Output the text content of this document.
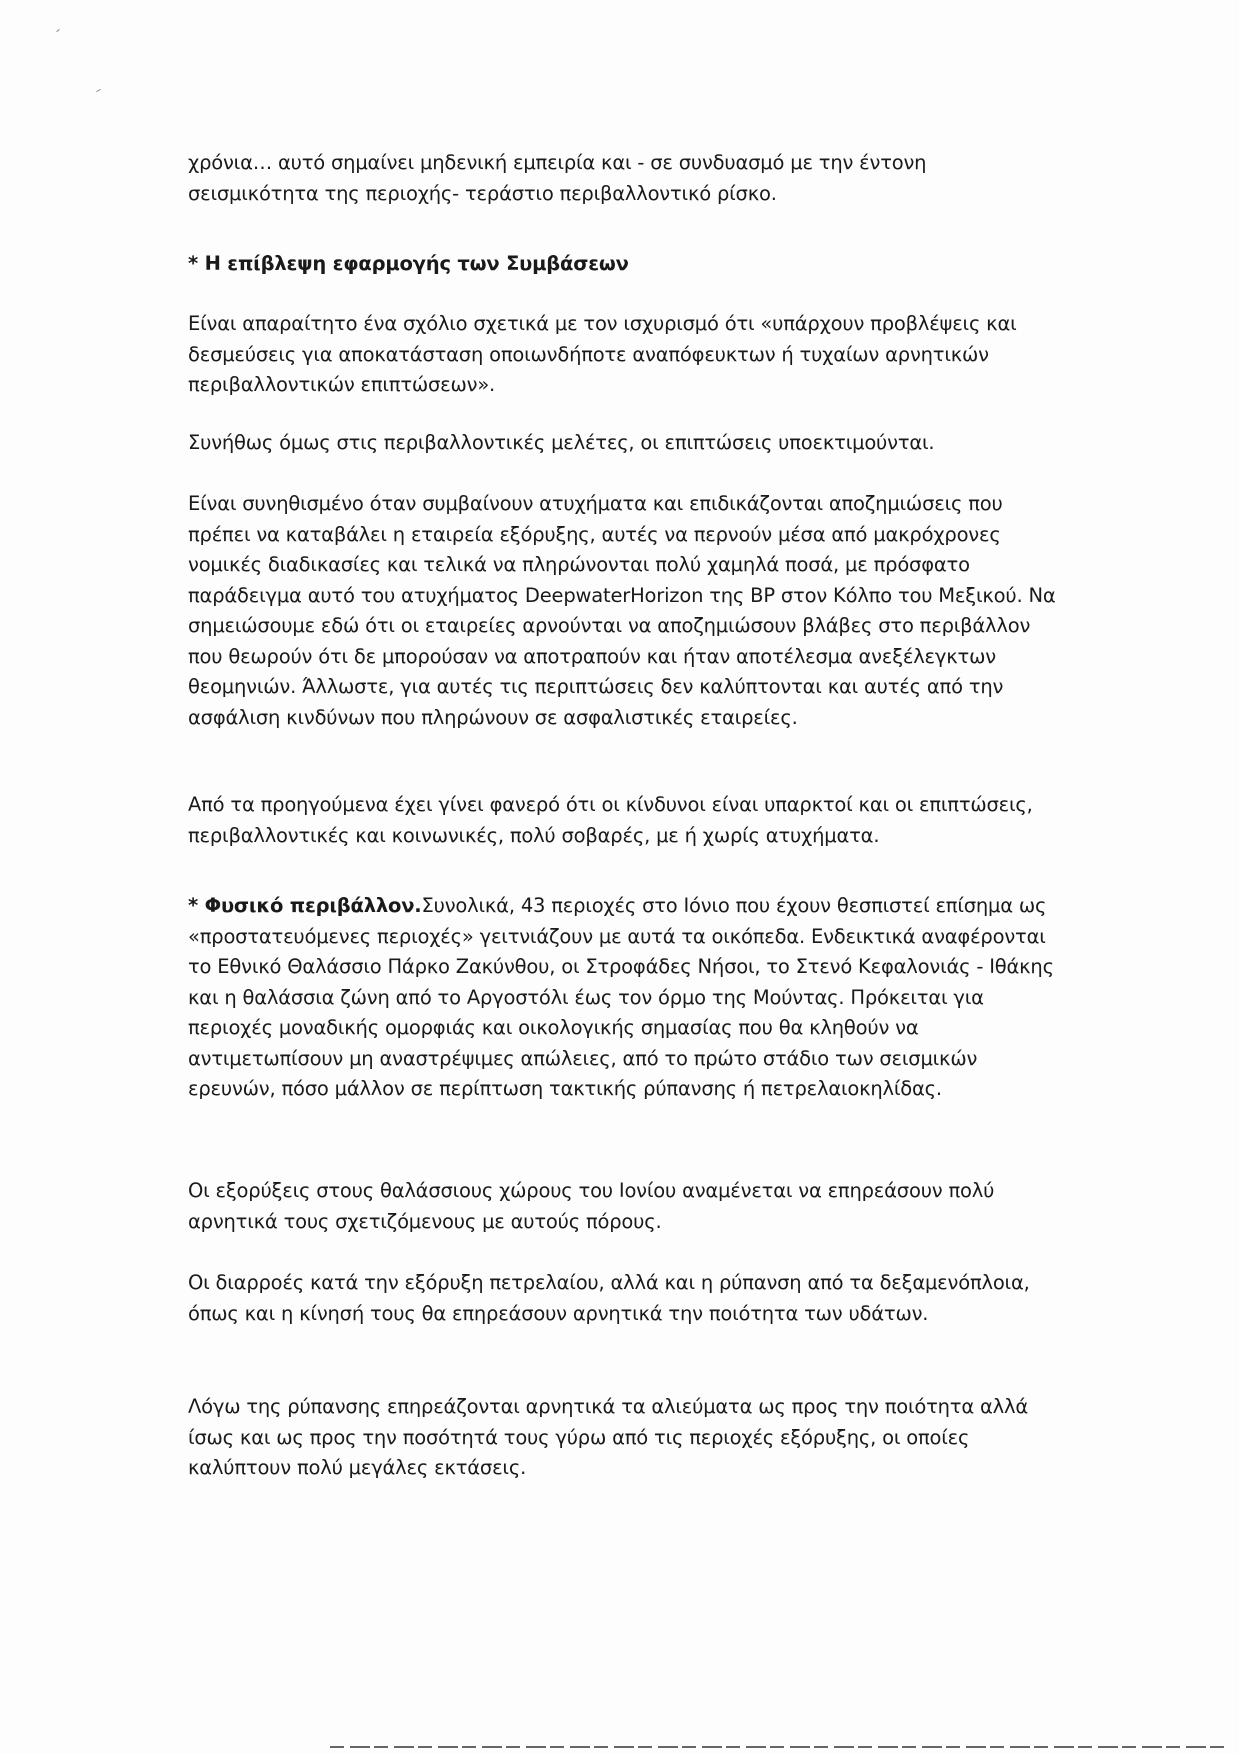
χρόνια… αυτό σημαίνει μηδενική εμπειρία και - σε συνδυασμό με την έντονη σεισμικότητα της περιοχής- τεράστιο περιβαλλοντικό ρίσκο.

* Η επίβλεψη εφαρμογής των Συμβάσεων

Είναι απαραίτητο ένα σχόλιο σχετικά με τον ισχυρισμό ότι «υπάρχουν προβλέψεις και δεσμεύσεις για αποκατάσταση οποιωνδήποτε αναπόφευκτων ή τυχαίων αρνητικών περιβαλλοντικών επιπτώσεων».

Συνήθως όμως στις περιβαλλοντικές μελέτες, οι επιπτώσεις υποεκτιμούνται.

Είναι συνηθισμένο όταν συμβαίνουν ατυχήματα και επιδικάζονται αποζημιώσεις που πρέπει να καταβάλει η εταιρεία εξόρυξης, αυτές να περνούν μέσα από μακρόχρονες νομικές διαδικασίες και τελικά να πληρώνονται πολύ χαμηλά ποσά, με πρόσφατο παράδειγμα αυτό του ατυχήματος DeepwaterHorizon της BP στον Κόλπο του Μεξικού. Να σημειώσουμε εδώ ότι οι εταιρείες αρνούνται να αποζημιώσουν βλάβες στο περιβάλλον που θεωρούν ότι δε μπορούσαν να αποτραπούν και ήταν αποτέλεσμα ανεξέλεγκτων θεομηνιών. Άλλωστε, για αυτές τις περιπτώσεις δεν καλύπτονται και αυτές από την ασφάλιση κινδύνων που πληρώνουν σε ασφαλιστικές εταιρείες.

Από τα προηγούμενα έχει γίνει φανερό ότι οι κίνδυνοι είναι υπαρκτοί και οι επιπτώσεις, περιβαλλοντικές και κοινωνικές, πολύ σοβαρές, με ή χωρίς ατυχήματα.

* Φυσικό περιβάλλον.Συνολικά, 43 περιοχές στο Ιόνιο που έχουν θεσπιστεί επίσημα ως «προστατευόμενες περιοχές» γειτνιάζουν με αυτά τα οικόπεδα. Ενδεικτικά αναφέρονται το Εθνικό Θαλάσσιο Πάρκο Ζακύνθου, οι Στροφάδες Νήσοι, το Στενό Κεφαλονιάς - Ιθάκης και η θαλάσσια ζώνη από το Αργοστόλι έως τον όρμο της Μούντας. Πρόκειται για περιοχές μοναδικής ομορφιάς και οικολογικής σημασίας που θα κληθούν να αντιμετωπίσουν μη αναστρέψιμες απώλειες, από το πρώτο στάδιο των σεισμικών ερευνών, πόσο μάλλον σε περίπτωση τακτικής ρύπανσης ή πετρελαιοκηλίδας.

Οι εξορύξεις στους θαλάσσιους χώρους του Ιονίου αναμένεται να επηρεάσουν πολύ αρνητικά τους σχετιζόμενους με αυτούς πόρους.

Οι διαρροές κατά την εξόρυξη πετρελαίου, αλλά και η ρύπανση από τα δεξαμενόπλοια, όπως και η κίνησή τους θα επηρεάσουν αρνητικά την ποιότητα των υδάτων.

Λόγω της ρύπανσης επηρεάζονται αρνητικά τα αλιεύματα ως προς την ποιότητα αλλά ίσως και ως προς την ποσότητά τους γύρω από τις περιοχές εξόρυξης, οι οποίες καλύπτουν πολύ μεγάλες εκτάσεις.
